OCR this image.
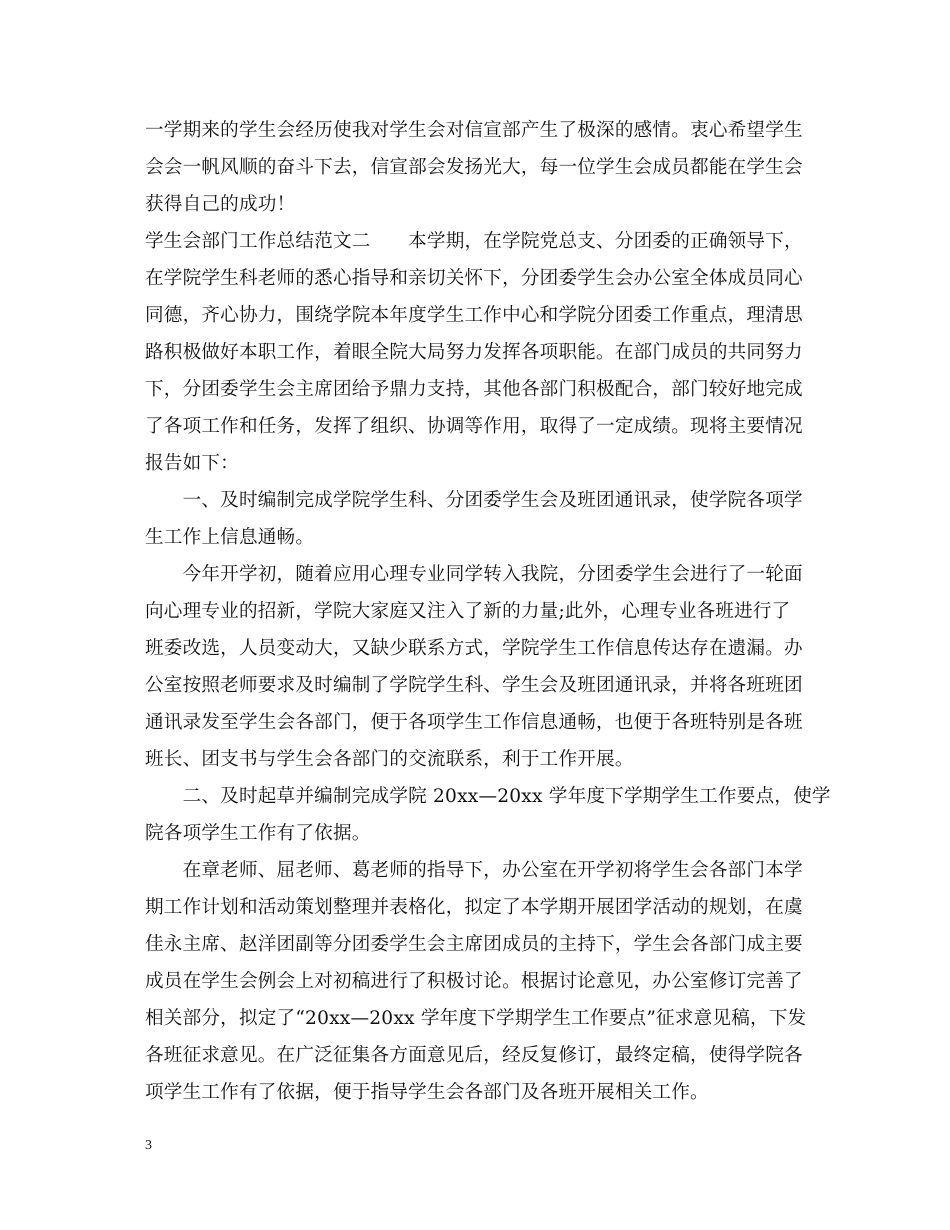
一学期来的学生会经历使我对学生会对信宣部产生了极深的感情。衷心希望学生
会会一帆风顺的奋斗下去，信宣部会发扬光大，每一位学生会成员都能在学生会
获得自己的成功！
学生会部门工作总结范文二　　本学期，在学院党总支、分团委的正确领导下，
在学院学生科老师的悉心指导和亲切关怀下，分团委学生会办公室全体成员同心
同德，齐心协力，围绕学院本年度学生工作中心和学院分团委工作重点，理清思
路积极做好本职工作，着眼全院大局努力发挥各项职能。在部门成员的共同努力
下，分团委学生会主席团给予鼎力支持，其他各部门积极配合，部门较好地完成
了各项工作和任务，发挥了组织、协调等作用，取得了一定成绩。现将主要情况
报告如下：
　　一、及时编制完成学院学生科、分团委学生会及班团通讯录，使学院各项学
生工作上信息通畅。
　　今年开学初，随着应用心理专业同学转入我院，分团委学生会进行了一轮面
向心理专业的招新，学院大家庭又注入了新的力量;此外，心理专业各班进行了
班委改选，人员变动大，又缺少联系方式，学院学生工作信息传达存在遗漏。办
公室按照老师要求及时编制了学院学生科、学生会及班团通讯录，并将各班班团
通讯录发至学生会各部门，便于各项学生工作信息通畅，也便于各班特别是各班
班长、团支书与学生会各部门的交流联系，利于工作开展。
　　二、及时起草并编制完成学院 20xx—20xx 学年度下学期学生工作要点，使学
院各项学生工作有了依据。
　　在章老师、屈老师、葛老师的指导下，办公室在开学初将学生会各部门本学
期工作计划和活动策划整理并表格化，拟定了本学期开展团学活动的规划，在虞
佳永主席、赵洋团副等分团委学生会主席团成员的主持下，学生会各部门成主要
成员在学生会例会上对初稿进行了积极讨论。根据讨论意见，办公室修订完善了
相关部分，拟定了“20xx—20xx 学年度下学期学生工作要点”征求意见稿，下发
各班征求意见。在广泛征集各方面意见后，经反复修订，最终定稿，使得学院各
项学生工作有了依据，便于指导学生会各部门及各班开展相关工作。
3
